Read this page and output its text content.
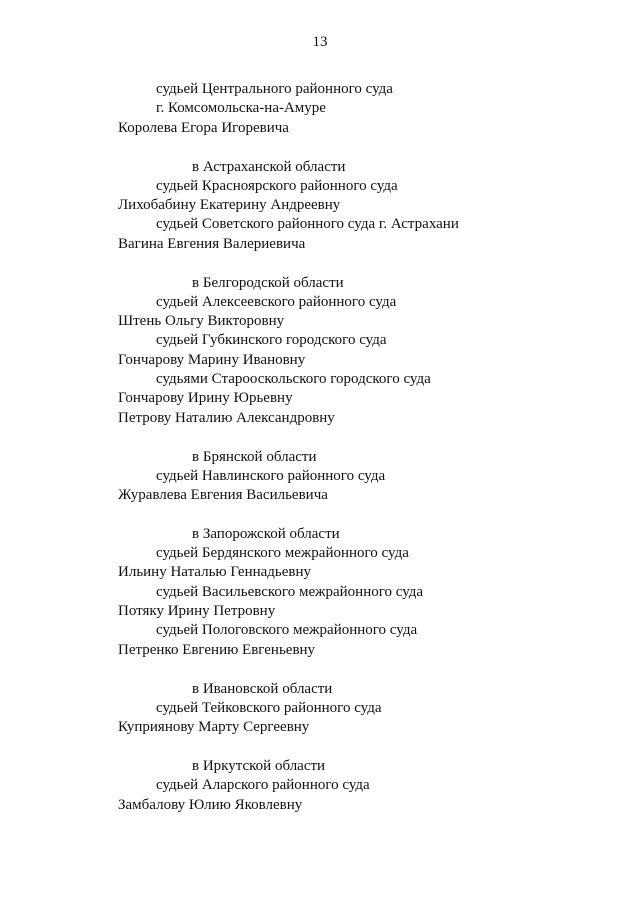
13
судьей Центрального районного суда
г. Комсомольска-на-Амуре
Королева Егора Игоревича
в Астраханской области
судьей Красноярского районного суда
Лихобабину Екатерину Андреевну
судьей Советского районного суда г. Астрахани
Вагина Евгения Валериевича
в Белгородской области
судьей Алексеевского районного суда
Штень Ольгу Викторовну
судьей Губкинского городского суда
Гончарову Марину Ивановну
судьями Старооскольского городского суда
Гончарову Ирину Юрьевну
Петрову Наталию Александровну
в Брянской области
судьей Навлинского районного суда
Журавлева Евгения Васильевича
в Запорожской области
судьей Бердянского межрайонного суда
Ильину Наталью Геннадьевну
судьей Васильевского межрайонного суда
Потяку Ирину Петровну
судьей Пологовского межрайонного суда
Петренко Евгению Евгеньевну
в Ивановской области
судьей Тейковского районного суда
Куприянову Марту Сергеевну
в Иркутской области
судьей Аларского районного суда
Замбалову Юлию Яковлевну
